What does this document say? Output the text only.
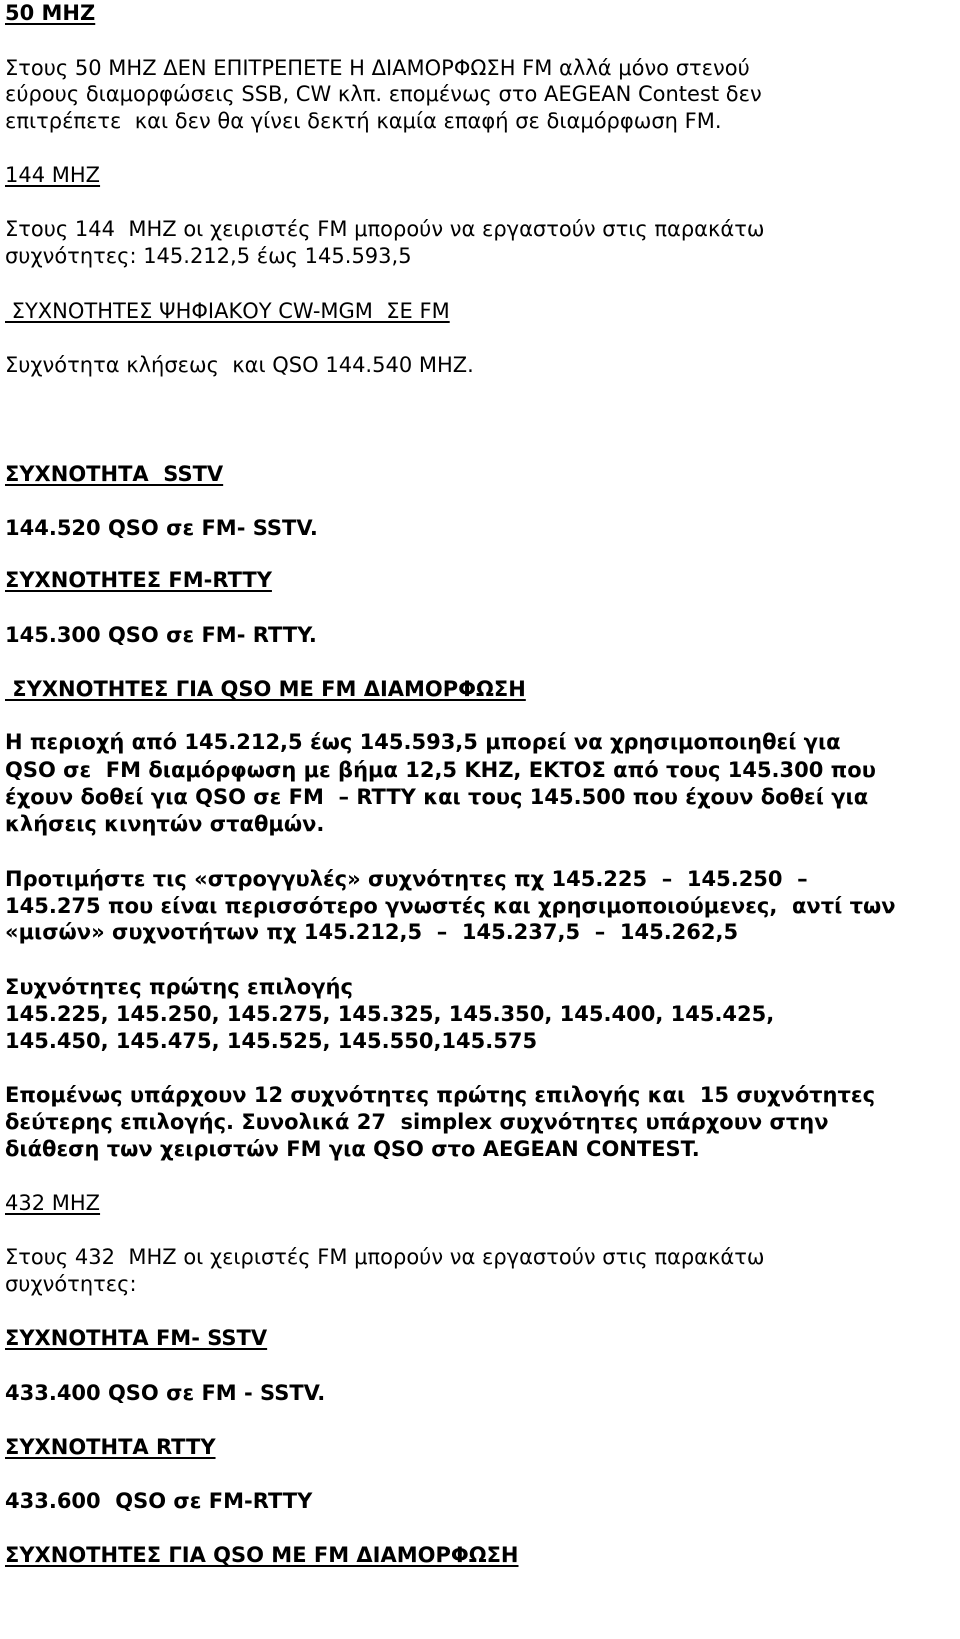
50 MHZ
Στους 50 MHZ ΔΕΝ ΕΠΙΤΡΕΠΕΤΕ Η ΔΙΑΜΟΡΦΩΣΗ FM αλλά μόνο στενού
εύρους διαμορφώσεις SSB, CW κλπ. επομένως στο AEGEAN Contest δεν
επιτρέπετε  και δεν θα γίνει δεκτή καμία επαφή σε διαμόρφωση FM.
144 MHZ
Στους 144  MHZ οι χειριστές FM μπορούν να εργαστούν στις παρακάτω
συχνότητες: 145.212,5 έως 145.593,5
ΣΥΧΝΟΤΗΤΕΣ ΨΗΦΙΑΚΟΥ CW-MGM  ΣΕ FM
Συχνότητα κλήσεως  και QSO 144.540 MHZ.
ΣΥΧΝΟΤΗΤΑ  SSTV
144.520 QSO σε FM- SSTV.
ΣΥΧΝΟΤΗΤΕΣ FM-RTTY
145.300 QSO σε FM- RTTY.
ΣΥΧΝΟΤΗΤΕΣ ΓΙΑ QSO ΜΕ FM ΔΙΑΜΟΡΦΩΣΗ
Η περιοχή από 145.212,5 έως 145.593,5 μπορεί να χρησιμοποιηθεί για
QSO σε  FM διαμόρφωση με βήμα 12,5 KHZ, ΕΚΤΟΣ από τους 145.300 που
έχουν δοθεί για QSO σε FM  – RTTY και τους 145.500 που έχουν δοθεί για
κλήσεις κινητών σταθμών.
Προτιμήστε τις «στρογγυλές» συχνότητες πχ 145.225  –  145.250  –
145.275 που είναι περισσότερο γνωστές και χρησιμοποιούμενες,  αντί των
«μισών» συχνοτήτων πχ 145.212,5  –  145.237,5  –  145.262,5
Συχνότητες πρώτης επιλογής
145.225, 145.250, 145.275, 145.325, 145.350, 145.400, 145.425,
145.450, 145.475, 145.525, 145.550,145.575
Επομένως υπάρχουν 12 συχνότητες πρώτης επιλογής και  15 συχνότητες
δεύτερης επιλογής. Συνολικά 27  simplex συχνότητες υπάρχουν στην
διάθεση των χειριστών FM για QSO στο AEGEAN CONTEST.
432 MHZ
Στους 432  MHZ οι χειριστές FM μπορούν να εργαστούν στις παρακάτω
συχνότητες:
ΣΥΧΝΟΤΗΤΑ FM- SSTV
433.400 QSO σε FM - SSTV.
ΣΥΧΝΟΤΗΤΑ RTTY
433.600  QSO σε FM-RTTY
ΣΥΧΝΟΤΗΤΕΣ ΓΙΑ QSO ΜΕ FM ΔΙΑΜΟΡΦΩΣΗ
